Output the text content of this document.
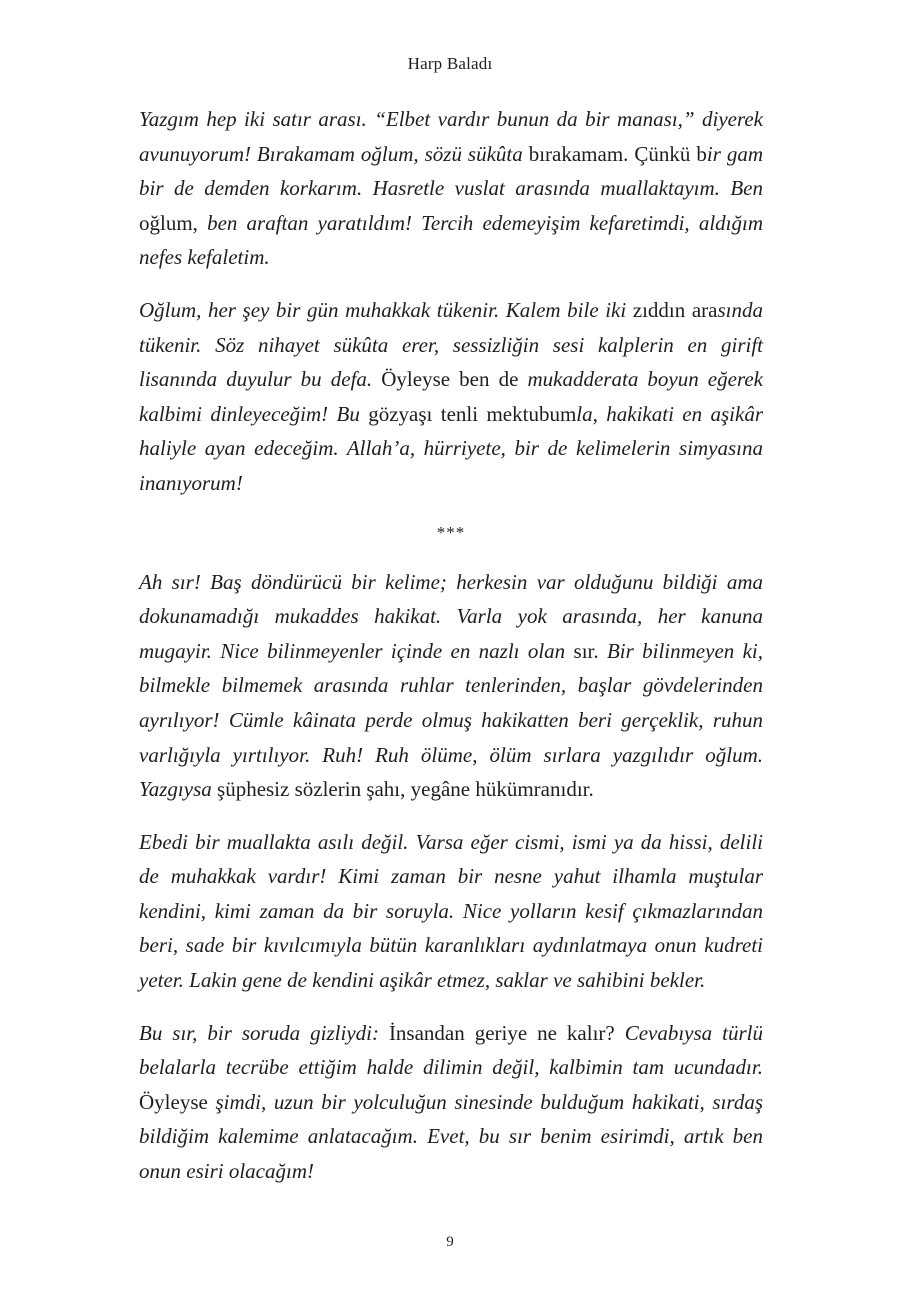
Harp Baladı

Yazgım hep iki satır arası. “Elbet vardır bunun da bir manası,” diyerek avunuyorum! Bırakamam oğlum, sözü sükûta bırakamam. Çünkü bir gam bir de demden korkarım. Hasretle vuslat arasında muallaktayım. Ben oğlum, ben araftan yaratıldım! Tercih edemeyişim kefaretimdi, aldığım nefes kefaletim.

Oğlum, her şey bir gün muhakkak tükenir. Kalem bile iki zıddın arasında tükenir. Söz nihayet sükûta erer, sessizliğin sesi kalplerin en girift lisanında duyulur bu defa. Öyleyse ben de mukadderata boyun eğerek kalbimi dinleyeceğim! Bu gözyaşı tenli mektubumla, hakikati en aşikâr haliyle ayan edeceğim. Allah’a, hürriyete, bir de kelimelerin simyasına inanıyorum!

***

Ah sır! Baş döndürücü bir kelime; herkesin var olduğunu bildiği ama dokunamadığı mukaddes hakikat. Varla yok arasında, her kanuna mugayir. Nice bilinmeyenler içinde en nazlı olan sır. Bir bilinmeyen ki, bilmekle bilmemek arasında ruhlar tenlerinden, başlar gövdelerinden ayrılıyor! Cümle kâinata perde olmuş hakikatten beri gerçeklik, ruhun varlığıyla yırtılıyor. Ruh! Ruh ölüme, ölüm sırlara yazgılıdır oğlum. Yazgıysa şüphesiz sözlerin şahı, yegâne hükümranıdır.

Ebedi bir muallakta asılı değil. Varsa eğer cismi, ismi ya da hissi, delili de muhakkak vardır! Kimi zaman bir nesne yahut ilhamla muştular kendini, kimi zaman da bir soruyla. Nice yolların kesif çıkmazlarından beri, sade bir kıvılcımıyla bütün karanlıkları aydınlatmaya onun kudreti yeter. Lakin gene de kendini aşikâr etmez, saklar ve sahibini bekler.

Bu sır, bir soruda gizliydi: İnsandan geriye ne kalır? Cevabıysa türlü belalarla tecrübe ettiğim halde dilimin değil, kalbimin tam ucundadır. Öyleyse şimdi, uzun bir yolculuğun sinesinde bulduğum hakikati, sırdaş bildiğim kalemime anlatacağım. Evet, bu sır benim esirimdi, artık ben onun esiri olacağım!

9
